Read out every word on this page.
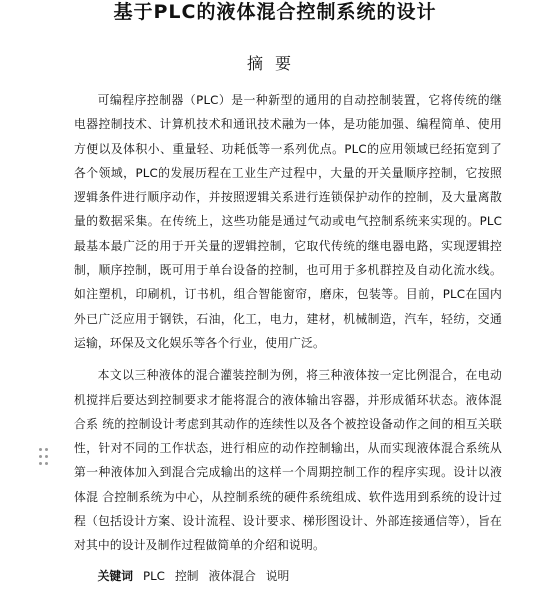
基于PLC的液体混合控制系统的设计
摘要

可编程序控制器（PLC）是一种新型的通用的自动控制装置，它将传统的继电器控制技术、计算机技术和通讯技术融为一体，是功能加强、编程简单、使用方便以及体积小、重量轻、功耗低等一系列优点。PLC的应用领域已经拓宽到了各个领域，PLC的发展历程在工业生产过程中，大量的开关量顺序控制，它按照逻辑条件进行顺序动作，并按照逻辑关系进行连锁保护动作的控制，及大量离散量的数据采集。在传统上，这些功能是通过气动或电气控制系统来实现的。PLC最基本最广泛的用于开关量的逻辑控制，它取代传统的继电器电路，实现逻辑控制，顺序控制，既可用于单台设备的控制，也可用于多机群控及自动化流水线。如注塑机，印刷机，订书机，组合智能窗帘，磨床，包装等。目前，PLC在国内外已广泛应用于钢铁，石油，化工，电力，建材，机械制造，汽车，轻纺，交通运输，环保及文化娱乐等各个行业，使用广泛。

本文以三种液体的混合灌装控制为例，将三种液体按一定比例混合，在电动机搅拌后要达到控制要求才能将混合的液体输出容器，并形成循环状态。液体混合系 统的控制设计考虑到其动作的连续性以及各个被控设备动作之间的相互关联性，针对不同的工作状态，进行相应的动作控制输出，从而实现液体混合系统从第一种液体加入到混合完成输出的这样一个周期控制工作的程序实现。设计以液体混 合控制系统为中心，从控制系统的硬件系统组成、软件选用到系统的设计过程（包括设计方案、设计流程、设计要求、梯形图设计、外部连接通信等），旨在对其中的设计及制作过程做简单的介绍和说明。

关键词 PLC 控制 液体混合 说明
